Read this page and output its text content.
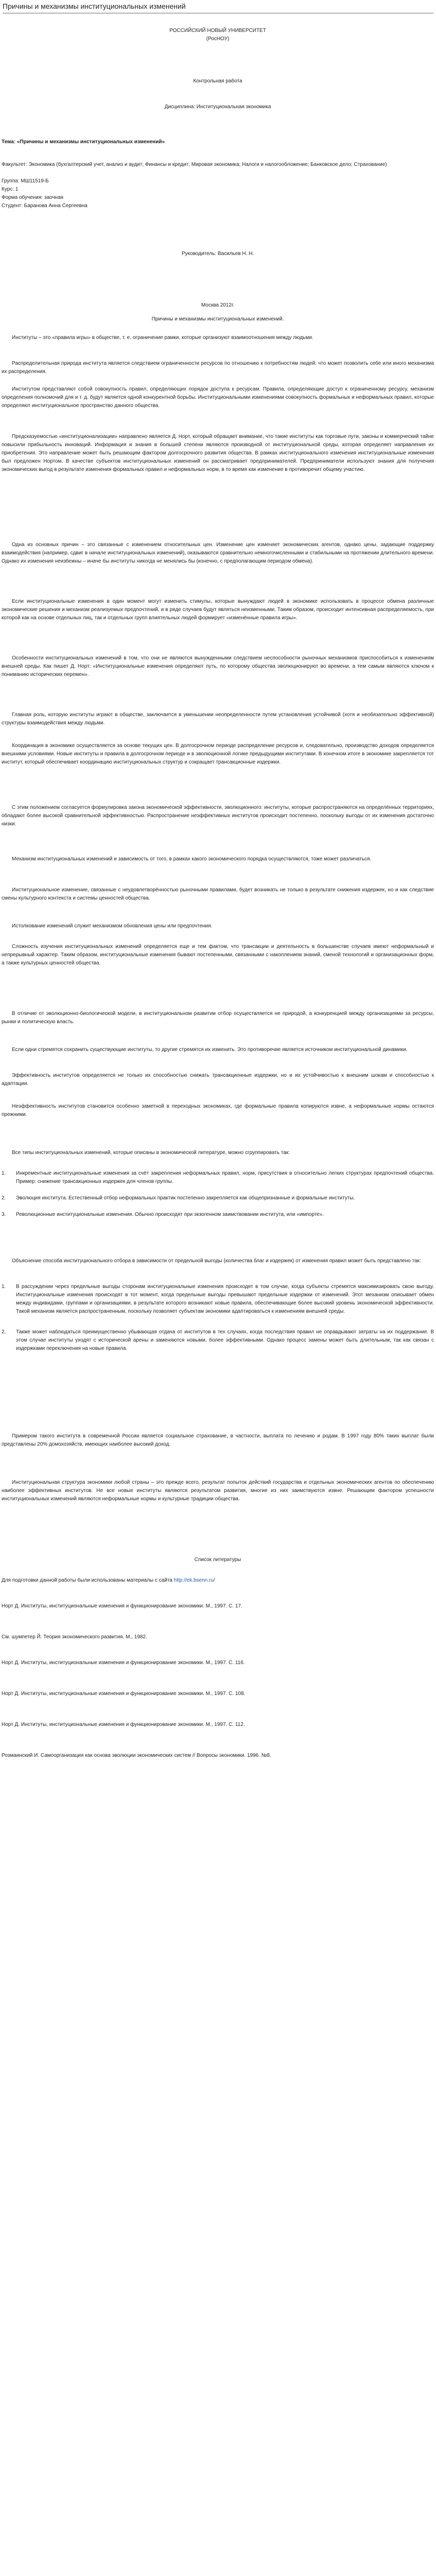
Причины и механизмы институциональных изменений

РОССИЙСКИЙ НОВЫЙ УНИВЕРСИТЕТ

(РосНОУ)

Контрольная работа

Дисциплина: Институциональная экономика

Тема: «Причины и механизмы институциональных изменений»

Факультет: Экономика (бухгалтерский учет, анализ и аудит; Финансы и кредит; Мировая экономика; Налоги и налогообложение; Банковское дело; Страхование)

Группа: МШ11519-Б

Курс: 1

Форма обучения: заочная

Студент: Баранова Анна Сергеевна

Руководитель: Васильев Н. Н.

Москва 2012г.

Причины и механизмы институциональных изменений.

Институты – это «правила игры» в обществе, т. е. ограничение рамки, которые организуют взаимоотношения между людьми.

Распределительная природа института является следствием ограниченности ресурсов по отношению к потребностям людей: что может позволить себе или иного механизма их распределения.

Институтом представляют собой совокупность правил, определяющих порядок доступа к ресурсам. Правила, определяющие доступ к ограниченному ресурсу, механизм определения полномочий для и т. д. будут является одной конкурентной борьбы. Институциональными изменениями совокупность формальных и неформальных правил, которые определяют институциональное пространство данного общества.

Предсказуемостью «институционализации» направлено является Д. Норт, который обращает внимание, что такие институты как торговые пути, законы и коммерческий тайне повысили прибыльность инноваций. Информация и знания в большей степени являются производной от институциональной среды, которая определяет направления их приобретения. Это направление может быть решающим фактором долгосрочного развития общества. В рамках институционального изменения институциональные изменения был предложен Нортом. В качестве субъектов институциональных изменений он рассматривает предпринимателей. Предприниматели используют знания для получения экономических выгод в результате изменения формальных правил и неформальных норм, в то время как изменение в противоречит общему участию.

Одна из основных причин – это связанные с изменением относительных цен. Изменение цен изменяет экономических агентов, однако цены, задающие поддержку взаимодействия (например, сдвиг в начале институциональных изменений), оказываются сравнительно немногочисленными и стабильными на протяжении длительного времени. Однако их изменения неизбежны – иначе бы институты никогда не менялись бы (конечно, с предполагающим периодом обмена).

Если институциональные изменения в один момент могут изменить стимулы, которые вынуждают людей в экономике использовать в процессе обмена различные экономические решения и механизм реализуемых предпочтений, и в ряде случаев будут являться неизменными. Таким образом, происходит интенсивная распределяемость, при которой как на основе отдельных лиц, так и отдельных групп влиятельных людей формирует «изменённые правила игры».

Особенности институциональных изменений в том, что они не являются вынужденными следствием неспособности рыночных механизмов приспособиться к изменениям внешней среды. Как пишет Д. Норт: «Институциональные изменения определяют путь, по которому общества эволюционируют во времени, а тем самым являются ключом к пониманию исторических перемен».

Главная роль, которую институты играют в обществе, заключается в уменьшении неопределенности путем установления устойчивой (хотя и необязательно эффективной) структуры взаимодействия между людьми.

Координация в экономике осуществляется за основе текущих цен. В долгосрочном периоде распределение ресурсов и, следовательно, производство доходов определяется внешними условиями. Новые институты и правила в долгосрочном периоде и в эволюционной логике предыдущими институтами. В конечном итоге в экономике закрепляется тот институт, который обеспечивает координацию институциональных структур и сокращает трансакционные издержки.

С этим положением согласуется формулировка закона экономической эффективности, эволюционного: институты, которые распространяются на определённых территориях, обладают более высокой сравнительной эффективностью. Распространение неэффективных институтов происходит постепенно, поскольку выгоды от их изменения достаточно низки.

Механизм институциональных изменений и зависимость от того, в рамках какого экономического порядка осуществляются, тоже может различаться.

Институциональное изменение, связанные с неудовлетворённостью рыночными правилами, будет возникать не только в результате снижения издержек, но и как следствие смены культурного контекста и системы ценностей общества.

Истолкование изменений служит механизмом обновления цены или предпочтения.

Сложность изучения институциональных изменений определяется еще и тем фактом, что трансакции и деятельность в большинстве случаев имеют неформальный и непрерывный характер. Таким образом, институциональные изменения бывают постепенными, связанными с накоплением знаний, сменой технологий и организационных форм, а также культурных ценностей общества.

В отличие от эволюционно-биологической модели, в институциональном развитии отбор осуществляется не природой, а конкуренцией между организациями за ресурсы, рынки и политическую власть.

Если одни стремятся сохранить существующие институты, то другие стремятся их изменить. Это противоречие является источником институциональной динамики.

Эффективность институтов определяется не только их способностью снижать трансакционные издержки, но и их устойчивостью к внешним шокам и способностью к адаптации.

Неэффективность институтов становится особенно заметной в переходных экономиках, где формальные правила копируются извне, а неформальные нормы остаются прежними.

Все типы институциональных изменений, которые описаны в экономической литературе, можно сгруппировать так:

1.	Инкрементные институциональные изменения за счёт закрепления неформальных правил, норм, присутствия в относительно легких структурах предпочтений общества. Пример: снижение трансакционных издержек для членов группы.
2.	Эволюция института. Естественный отбор неформальных практик постепенно закрепляется как общепризнанные и формальные институты.
3.	Революционные институциональные изменения. Обычно происходят при экзогенном заимствовании института, или «импорте».

Объяснение способа институционального отбора в зависимости от предельной выгоды (количества благ и издержек) от изменения правил может быть представлено так:

1.	В рассуждении через предельные выгоды сторонам институциональные изменения происходят в том случае, когда субъекты стремятся максимизировать свою выгоду. Институциональные изменения происходят в тот момент, когда предельные выгоды превышают предельные издержки от изменений. Этот механизм описывает обмен между индивидами, группами и организациями, в результате которого возникают новые правила, обеспечивающие более высокий уровень экономической эффективности. Такой механизм является распространенным, поскольку позволяет субъектам экономики адаптироваться к изменениям внешней среды.
2.	Также может наблюдаться преимущественно убывающая отдача от институтов в тех случаях, когда последствия правил не оправдывают затраты на их поддержание. В этом случае институты уходят с исторической арены и заменяются новыми, более эффективными. Однако процесс замены может быть длительным, так как связан с издержками переключения на новые правила.

Примером такого института в современной России является социальное страхование, в частности, выплата по лечению и родам. В 1997 году 80% таких выплат были представлены 20% домохозяйств, имеющих наиболее высокий доход.

Институциональная структура экономики любой страны – это прежде всего, результат попыток действий государства и отдельных экономических агентов по обеспечению наиболее эффективных институтов. Не все новые институты являются результатом развития, многие из них заимствуются извне. Решающим фактором успешности институциональных изменений являются неформальные нормы и культурные традиции общества.

Список литературы

Для подготовки данной работы были использованы материалы с сайта http://ek.bsenn.ru/

Норт Д. Институты, институциональные изменения и функционирование экономики. М., 1997. С. 17.

См. шумпетер Й. Теория экономического развития. М., 1982.

Норт Д. Институты, институциональные изменения и функционирование экономики. М., 1997. С. 116.

Норт Д. Институты, институциональные изменения и функционирование экономики. М., 1997. С. 108.

Норт Д. Институты, институциональные изменения и функционирование экономики. М., 1997. С. 112.

Розмаинский И. Самоорганизация как основа эволюции экономических систем // Вопросы экономики. 1996. №8.
